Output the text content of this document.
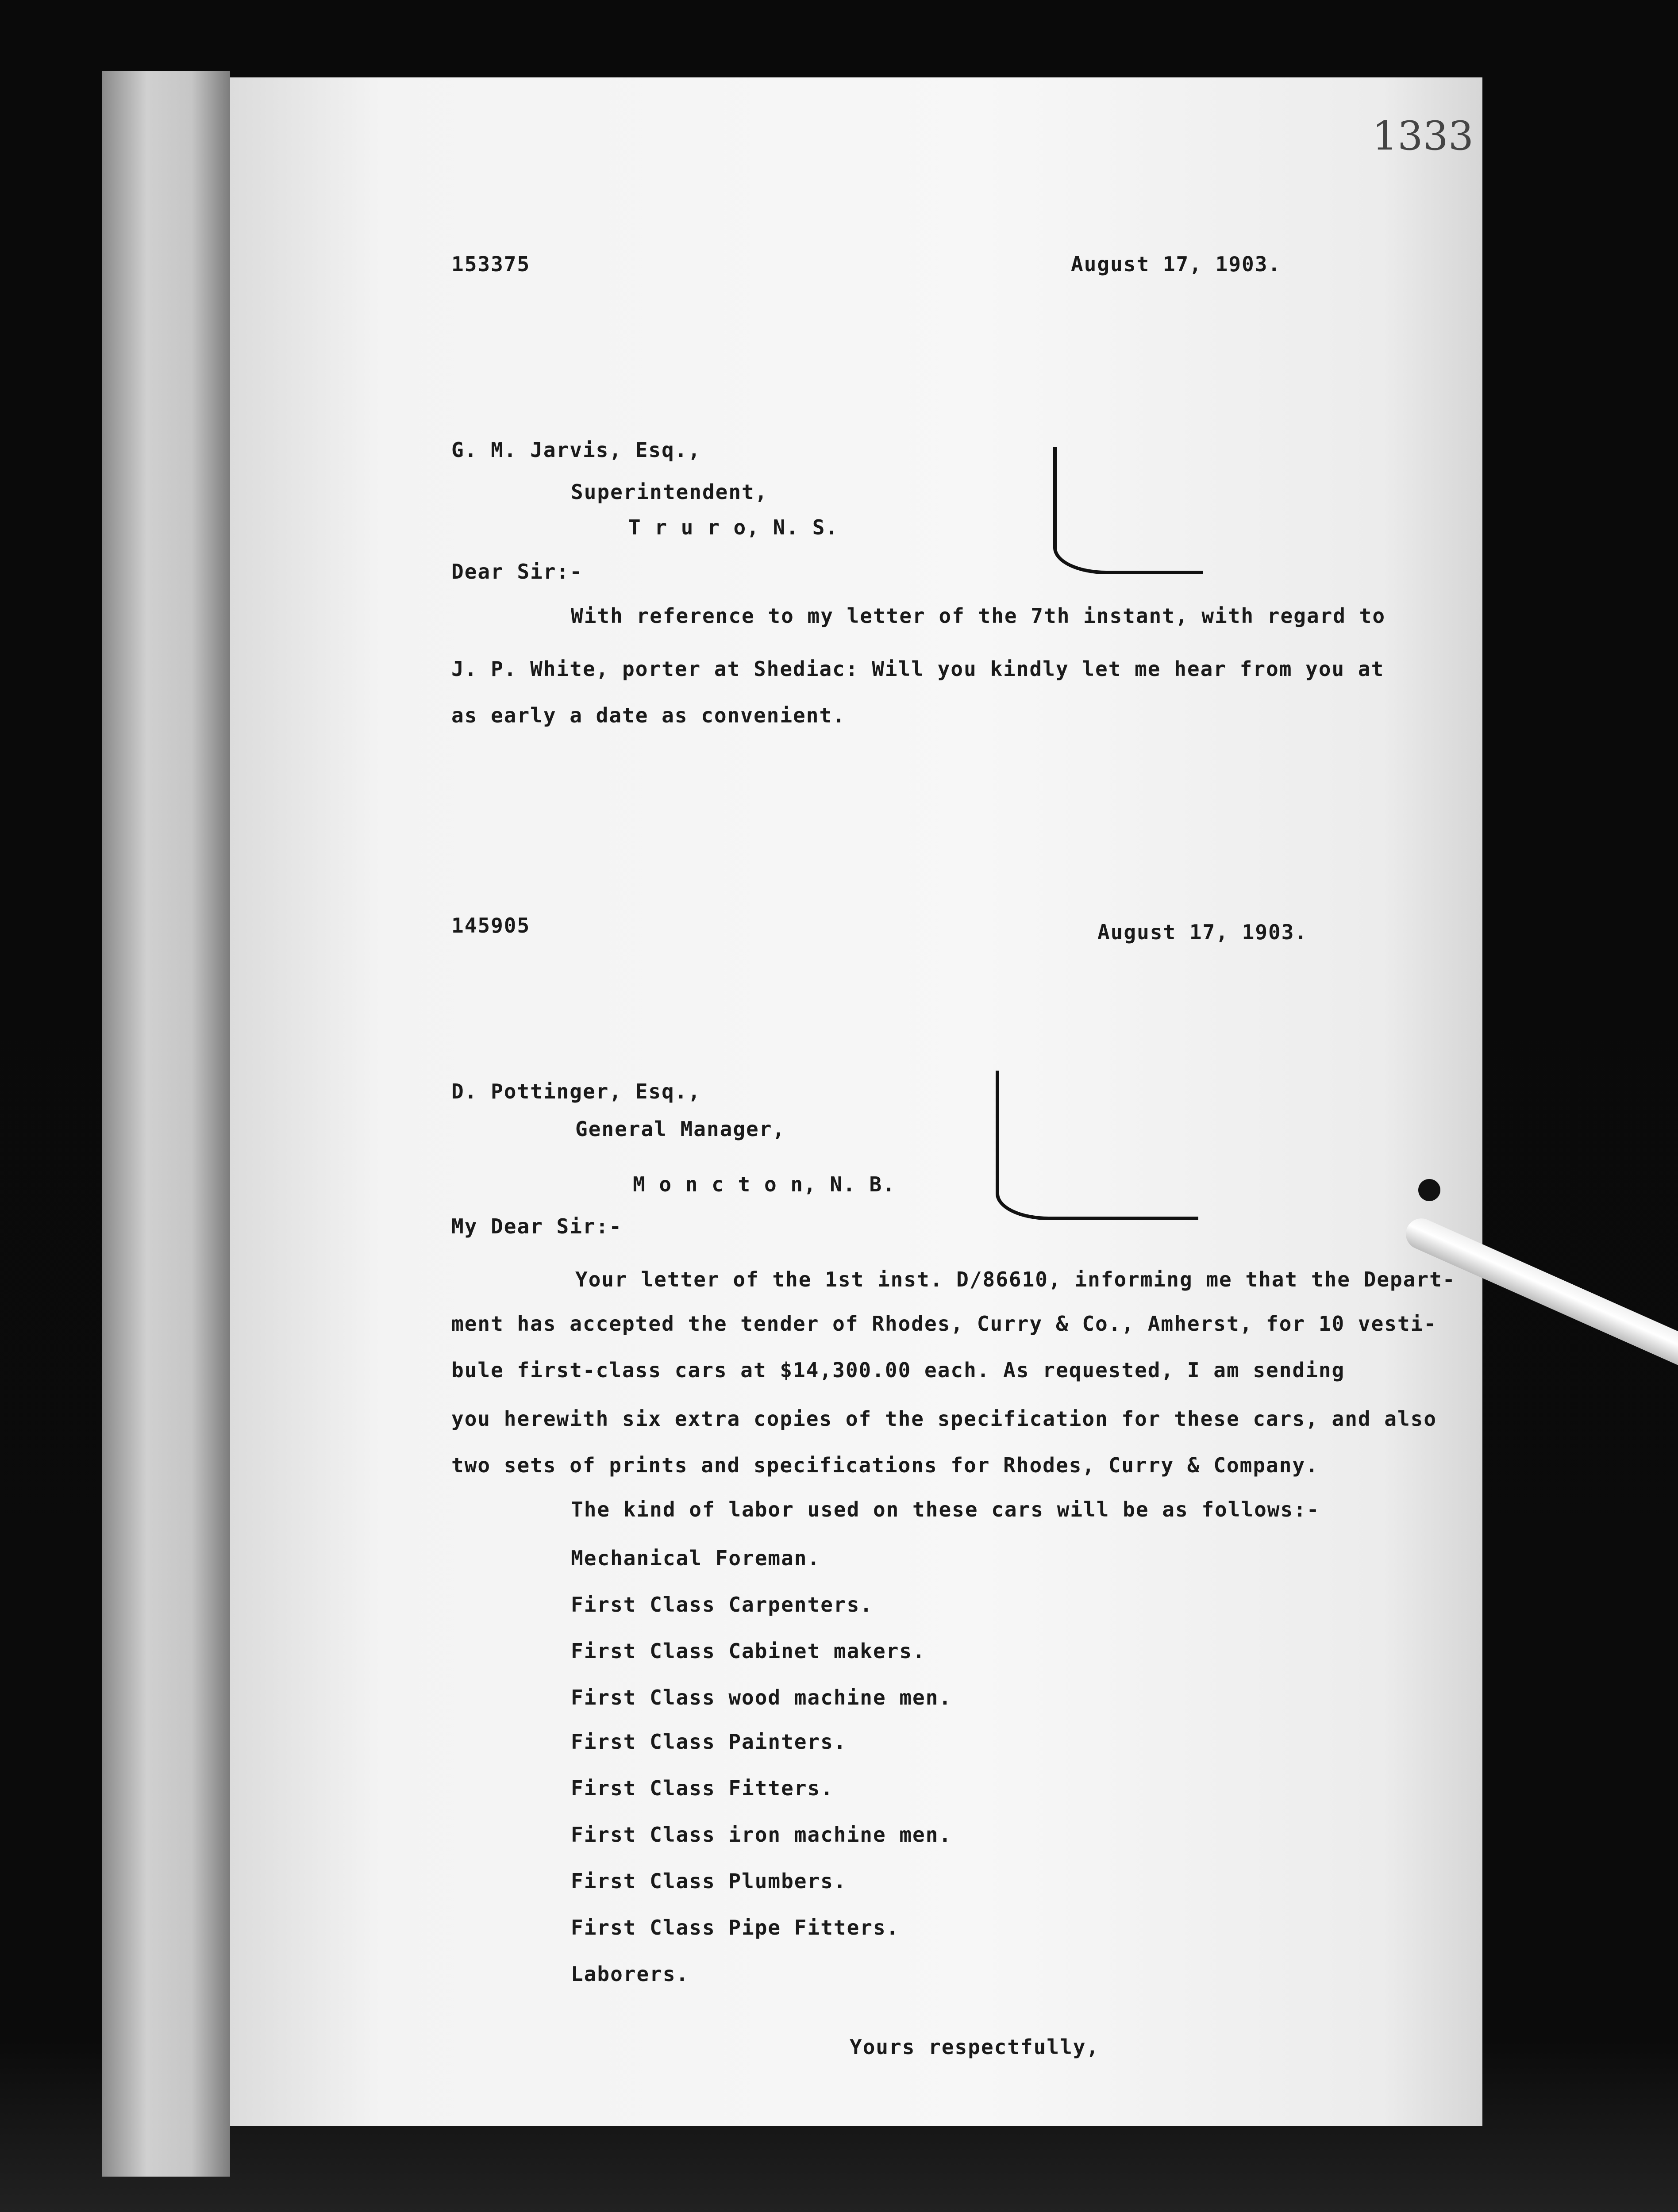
1333
153375	August 17, 1903.
G. M. Jarvis, Esq.,
Superintendent,
T r u r o, N. S.
Dear Sir:-
With reference to my letter of the 7th instant, with regard to
J. P. White, porter at Shediac: Will you kindly let me hear from you at
as early a date as convenient.
145905	August 17, 1903.
D. Pottinger, Esq.,
General Manager,
M o n c t o n, N. B.
My Dear Sir:-
Your letter of the 1st inst. D/86610, informing me that the Depart-
ment has accepted the tender of Rhodes, Curry & Co., Amherst, for 10 vesti-
bule first-class cars at $14,300.00 each. As requested, I am sending
you herewith six extra copies of the specification for these cars, and also
two sets of prints and specifications for Rhodes, Curry & Company.
The kind of labor used on these cars will be as follows:-
Mechanical Foreman.
First Class Carpenters.
First Class Cabinet makers.
First Class wood machine men.
First Class Painters.
First Class Fitters.
First Class iron machine men.
First Class Plumbers.
First Class Pipe Fitters.
Laborers.
Yours respectfully,
